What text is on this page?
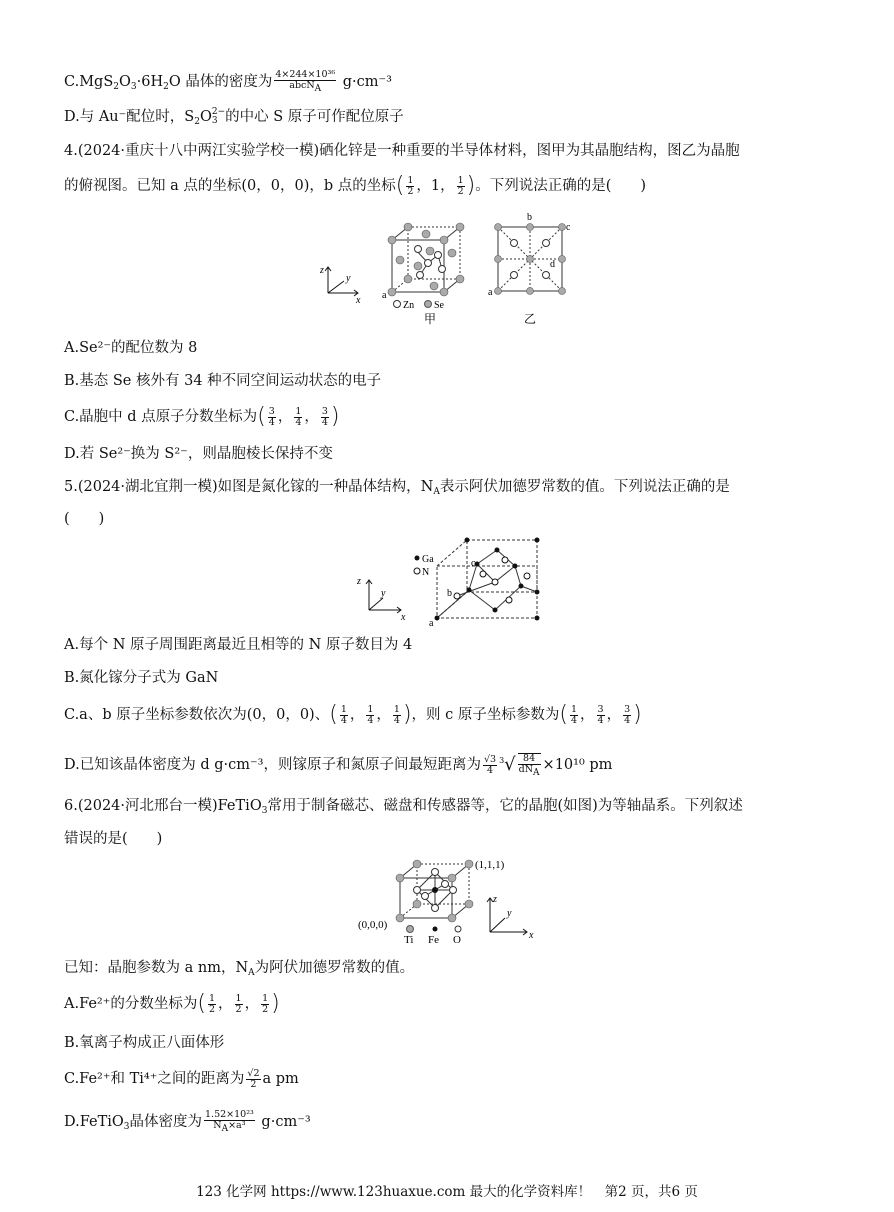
$C.MgS_2O_3\cdot 6H_2O$ 晶体的密度为 $\frac{\text{4×244×10³⁶}}{\text{abcNA}} g\cdot cm^{-3}$
D.与 Au⁻配位时，$S_2O$ 2−
3 的中心 S 原子可作配位原子
4.(2024·重庆十八中两江实验学校一模)硒化锌是一种重要的半导体材料，图甲为其晶胞结构，图乙为晶胞
的俯视图。已知 a 点的坐标(0，0，0)，b 点的坐标( $\frac{1}{2}$ ，1， $\frac{1}{2}$ )。下列说法正确的是(　　)
z
y
x a
Zn Se
甲
b
c
d
a
乙
A.Se²⁻的配位数为 8
B.基态 Se 核外有 34 种不同空间运动状态的电子
C.晶胞中 d 点原子分数坐标为( $\frac{3}{4}$ ， $\frac{1}{4}$ ， $\frac{3}{4}$ )
D.若 Se²⁻换为 S²⁻，则晶胞棱长保持不变
5.(2024·湖北宜荆一模)如图是氮化镓的一种晶体结构，$N_A$表示阿伏加德罗常数的值。下列说法正确的是
(　　)
z
y
x
Ga
N
a
b
c
A.每个 N 原子周围距离最近且相等的 N 原子数目为 4
B.氮化镓分子式为 GaN
C.a、b 原子坐标参数依次为(0，0，0)、( $\frac{1}{4}$ ， $\frac{1}{4}$ ， $\frac{1}{4}$ )，则 c 原子坐标参数为( $\frac{1}{4}$ ， $\frac{3}{4}$ ， $\frac{3}{4}$ )
D.已知该晶体密度为 d g·cm⁻³，则镓原子和氮原子间最短距离为 $\frac{√3}{4} ^3√ \frac{84}{\text{dNA}} \times 10^{10}$ pm
6.(2024·河北邢台一模)FeTiO$_3$常用于制备磁芯、磁盘和传感器等，它的晶胞(如图)为等轴晶系。下列叙述
错误的是(　　)
(1,1,1)
(0,0,0)
Ti Fe O
z
y
x
已知：晶胞参数为 a nm，$N_A$为阿伏加德罗常数的值。
A.Fe²⁺的分数坐标为( $\frac{1}{2}$ ， $\frac{1}{2}$ ， $\frac{1}{2}$ )
B.氧离子构成正八面体形
C.Fe²⁺和 Ti⁴⁺之间的距离为 $\frac{√2}{2}$ a pm
D.FeTiO$_3$晶体密度为 $\frac{\text{1.52×10²³}}{\text{NA×a³}} g\cdot cm^{-3}$
123 化学网 https://www.123huaxue.com 最大的化学资料库！　第2 页，共6 页
